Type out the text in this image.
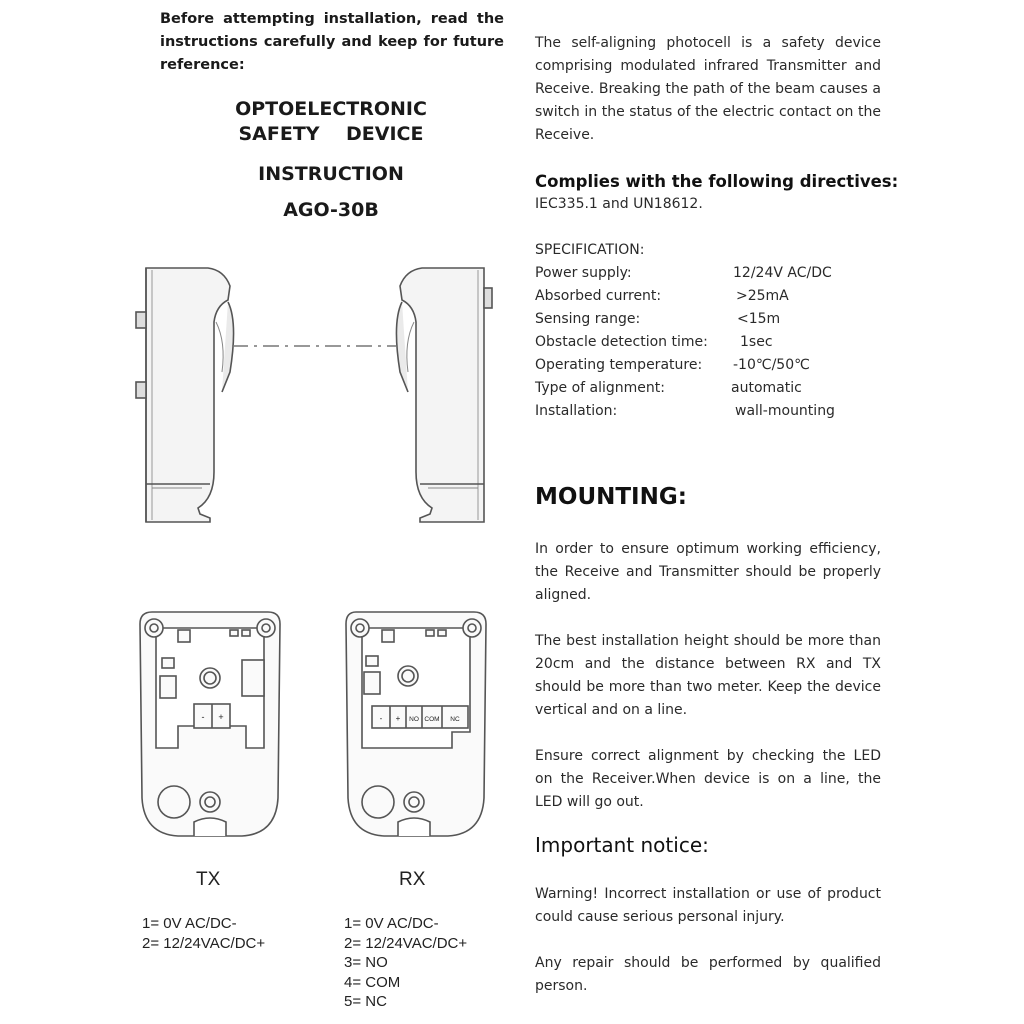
Before attempting installation, read the instructions carefully and keep for future reference:
OPTOELECTRONIC
SAFETY    DEVICE
INSTRUCTION
AGO-30B
- +	- + NO COM NC
TX	RX
1= 0V AC/DC-
2= 12/24VAC/DC+
1= 0V AC/DC-
2= 12/24VAC/DC+
3= NO
4= COM
5= NC
The self-aligning photocell is a safety device comprising modulated infrared Transmitter and Receive. Breaking the path of the beam causes a switch in the status of the electric contact on the Receive.
Complies with the following directives:
IEC335.1 and UN18612.
SPECIFICATION:
Power supply:	12/24V AC/DC
Absorbed current:	>25mA
Sensing range:	<15m
Obstacle detection time: 1sec
Operating temperature: -10℃/50℃
Type of alignment:	automatic
Installation:	wall-mounting
MOUNTING:
In order to ensure optimum working efficiency, the Receive and Transmitter should be properly aligned.
The best installation height should be more than 20cm and the distance between RX and TX should be more than two meter. Keep the device vertical and on a line.
Ensure correct alignment by checking the LED on the Receiver.When device is on a line, the LED will go out.
Important notice:
Warning! Incorrect installation or use of product could cause serious personal injury.
Any repair should be performed by qualified person.
